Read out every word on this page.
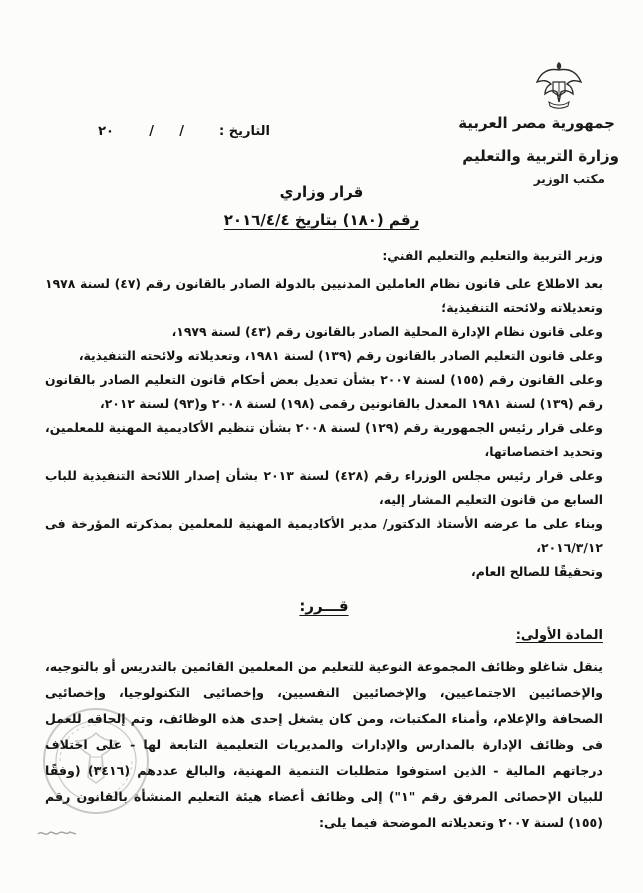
جمهورية مصر العربية
وزارة التربية والتعليم
مكتب الوزير
التاريخ :
/
/
٢٠
قرار وزاري
رقم (١٨٠) بتاريخ ٢٠١٦/٤/٤

وزير التربية والتعليم والتعليم الفني:

بعد الاطلاع على قانون نظام العاملين المدنيين بالدولة الصادر بالقانون رقم (٤٧) لسنة ١٩٧٨ وتعديلاته ولائحته التنفيذية؛

وعلى قانون نظام الإدارة المحلية الصادر بالقانون رقم (٤٣) لسنة ١٩٧٩،

وعلى قانون التعليم الصادر بالقانون رقم (١٣٩) لسنة ١٩٨١، وتعديلاته ولائحته التنفيذية،

وعلى القانون رقم (١٥٥) لسنة ٢٠٠٧ بشأن تعديل بعض أحكام قانون التعليم الصادر بالقانون رقم (١٣٩) لسنة ١٩٨١ المعدل بالقانونين رقمى (١٩٨) لسنة ٢٠٠٨ و(٩٣) لسنة ٢٠١٢،

وعلى قرار رئيس الجمهورية رقم (١٢٩) لسنة ٢٠٠٨ بشأن تنظيم الأكاديمية المهنية للمعلمين، وتحديد اختصاصاتها،

وعلى قرار رئيس مجلس الوزراء رقم (٤٢٨) لسنة ٢٠١٣ بشأن إصدار اللائحة التنفيذية للباب السابع من قانون التعليم المشار إليه،

وبناء على ما عرضه الأستاذ الدكتور/ مدير الأكاديمية المهنية للمعلمين بمذكرته المؤرخة فى ٢٠١٦/٣/١٢،

وتحقيقًا للصالح العام،

قـــرر:
المادة الأولى:

ينقل شاغلو وظائف المجموعة النوعية للتعليم من المعلمين القائمين بالتدريس أو بالتوجيه، والإخصائيين الاجتماعيين، والإخصائيين النفسيين، وإخصائيى التكنولوجيا، وإخصائيى الصحافة والإعلام، وأمناء المكتبات، ومن كان يشغل إحدى هذه الوظائف، وتم إلحاقه للعمل فى وظائف الإدارة بالمدارس والإدارات والمديريات التعليمية التابعة لها - على اختلاف درجاتهم المالية - الذين استوفوا متطلبات التنمية المهنية، والبالغ عددهم (٣٤١٦) (وفقًا للبيان الإحصائى المرفق رقم "١") إلى وظائف أعضاء هيئة التعليم المنشأة بالقانون رقم (١٥٥) لسنة ٢٠٠٧ وتعديلاته الموضحة فيما يلى:
